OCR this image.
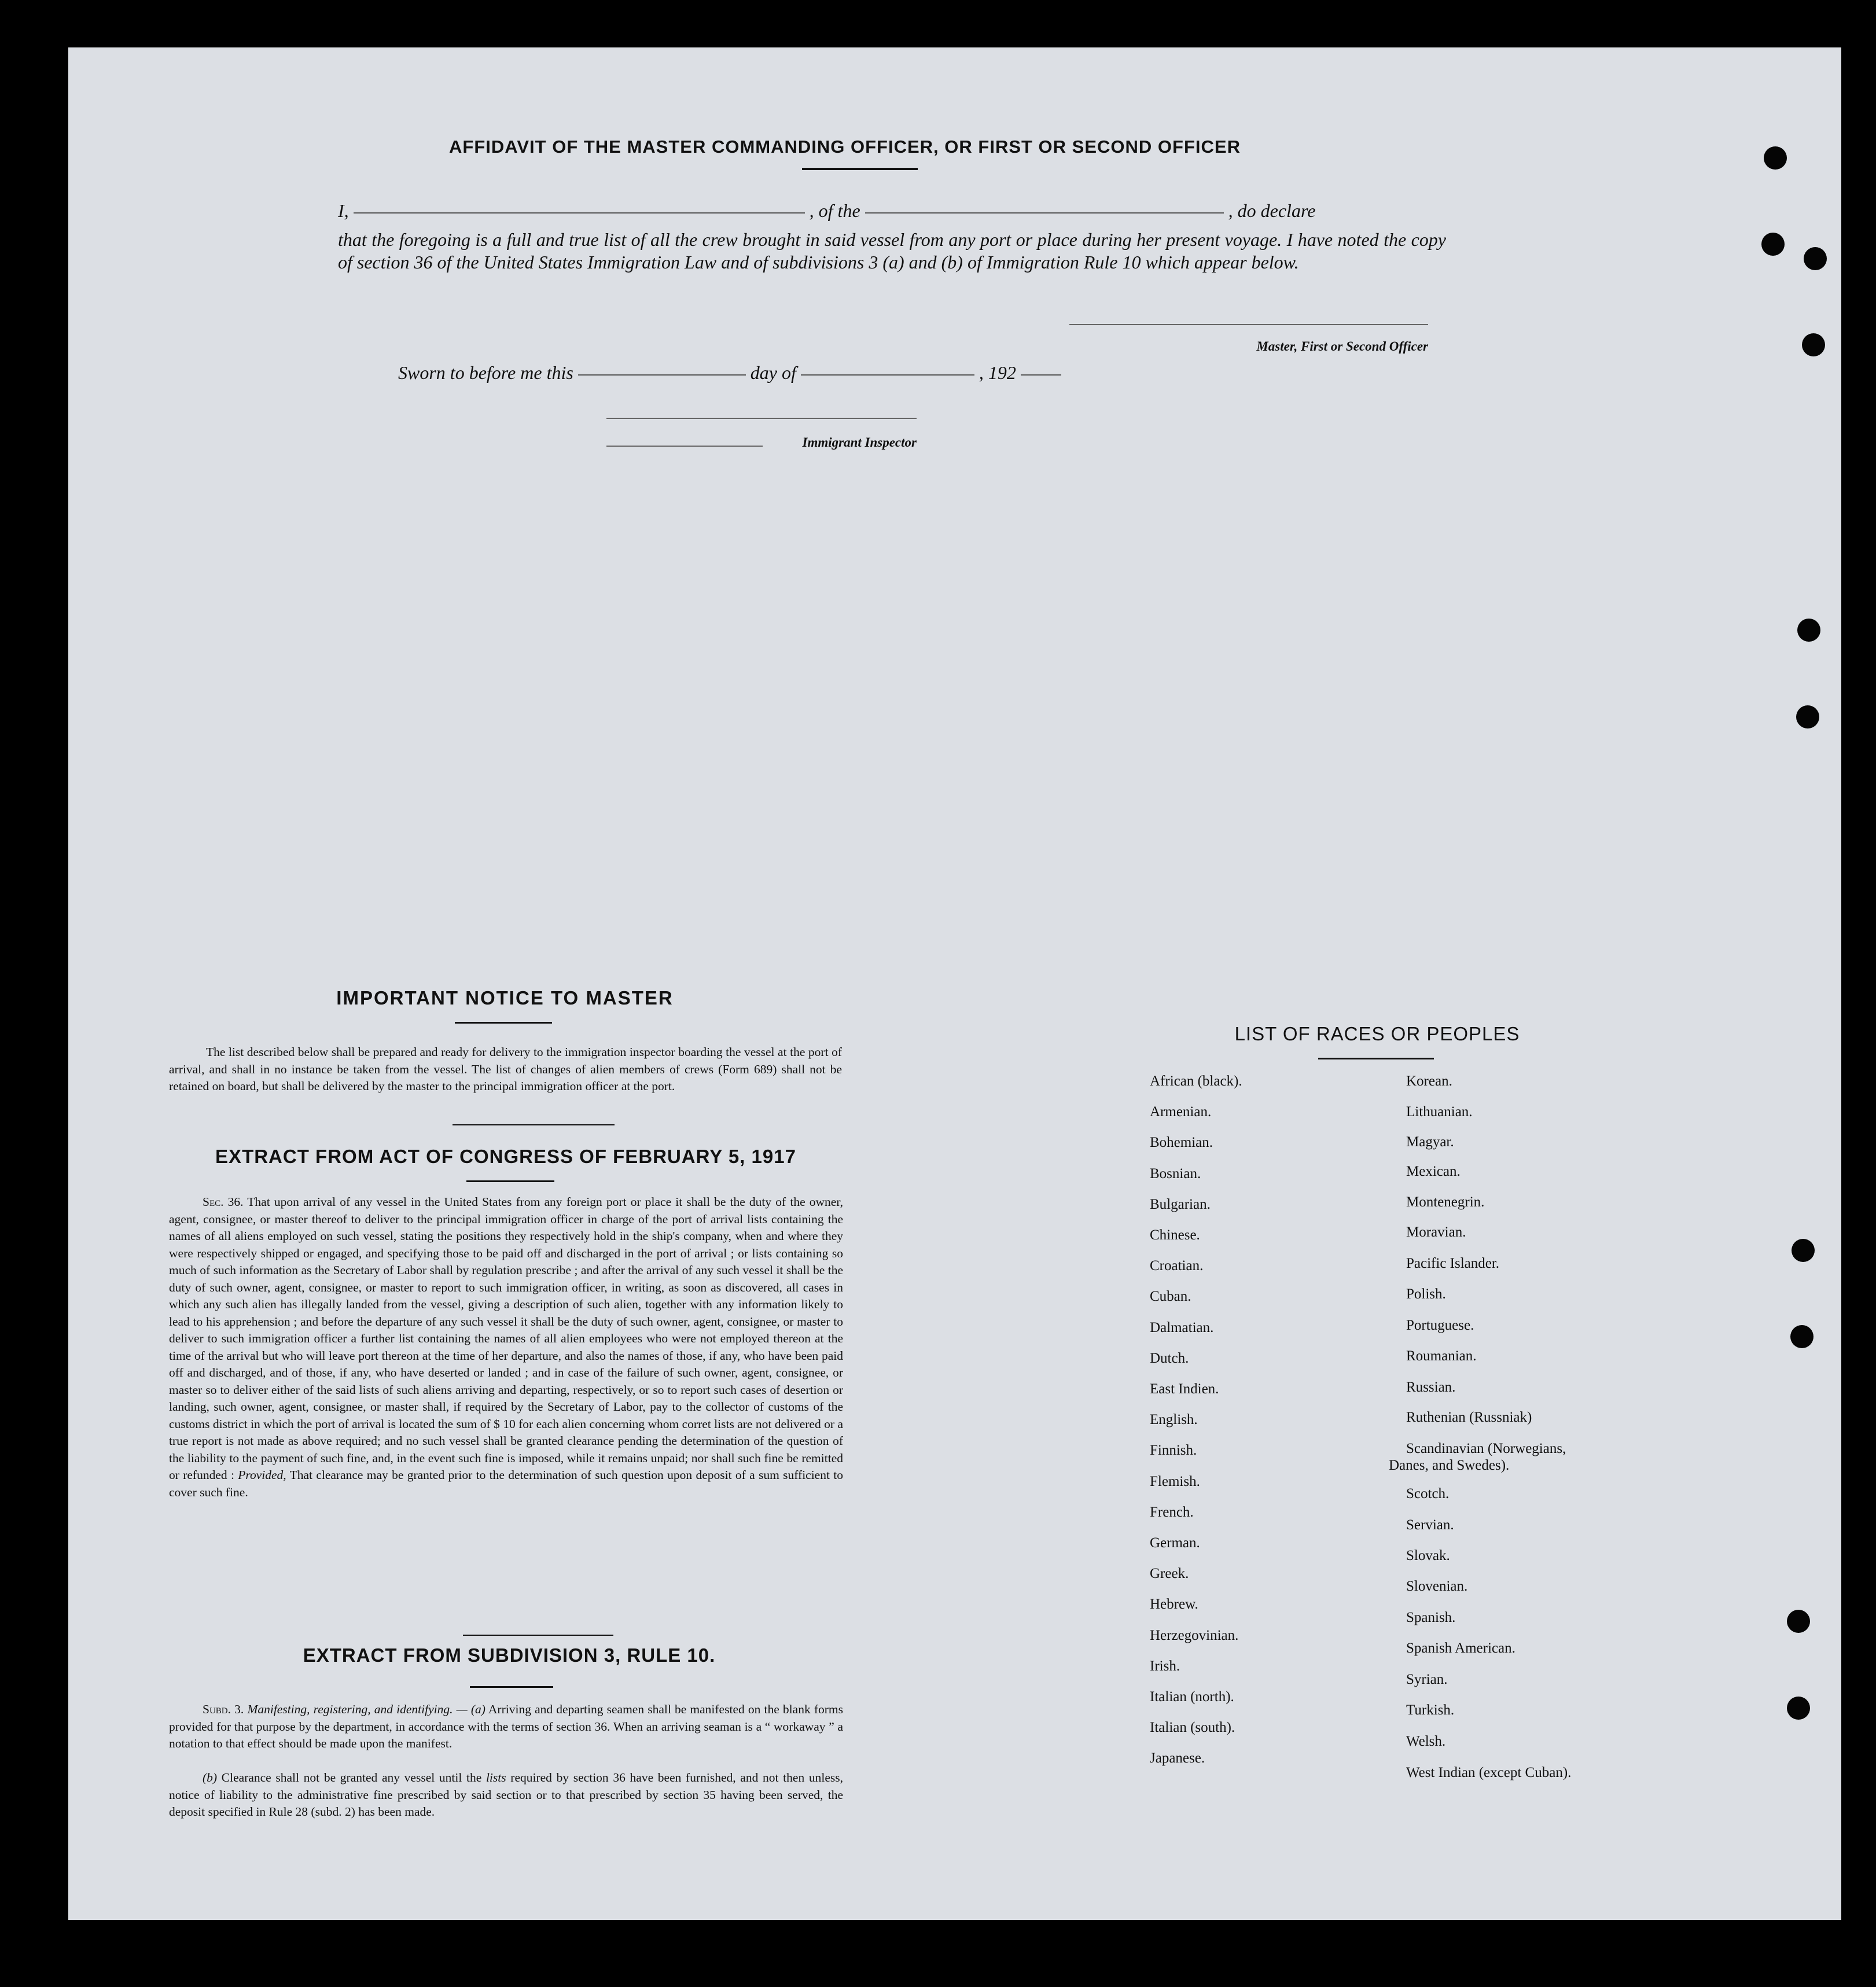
AFFIDAVIT OF THE MASTER COMMANDING OFFICER, OR FIRST OR SECOND OFFICER
I,	, of the	, do declare

that the foregoing is a full and true list of all the crew brought in said vessel from any port or place during her present voyage. I have noted the copy of section 36 of the United States Immigration Law and of subdivisions 3 (a) and (b) of Immigration Rule 10 which appear below.

Master, First or Second Officer
Sworn to before me this	day of	, 192
Immigrant Inspector
IMPORTANT NOTICE TO MASTER

The list described below shall be prepared and ready for delivery to the immigration inspector boarding the vessel at the port of arrival, and shall in no instance be taken from the vessel. The list of changes of alien members of crews (Form 689) shall not be retained on board, but shall be delivered by the master to the principal immigration officer at the port.

EXTRACT FROM ACT OF CONGRESS OF FEBRUARY 5, 1917

Sec. 36. That upon arrival of any vessel in the United States from any foreign port or place it shall be the duty of the owner, agent, consignee, or master thereof to deliver to the principal immigration officer in charge of the port of arrival lists containing the names of all aliens employed on such vessel, stating the positions they respectively hold in the ship's company, when and where they were respectively shipped or engaged, and specifying those to be paid off and discharged in the port of arrival ; or lists containing so much of such information as the Secretary of Labor shall by regulation prescribe ; and after the arrival of any such vessel it shall be the duty of such owner, agent, consignee, or master to report to such immigration officer, in writing, as soon as discovered, all cases in which any such alien has illegally landed from the vessel, giving a description of such alien, together with any information likely to lead to his apprehension ; and before the departure of any such vessel it shall be the duty of such owner, agent, consignee, or master to deliver to such immigration officer a further list containing the names of all alien employees who were not employed thereon at the time of the arrival but who will leave port thereon at the time of her departure, and also the names of those, if any, who have been paid off and discharged, and of those, if any, who have deserted or landed ; and in case of the failure of such owner, agent, consignee, or master so to deliver either of the said lists of such aliens arriving and departing, respectively, or so to report such cases of desertion or landing, such owner, agent, consignee, or master shall, if required by the Secretary of Labor, pay to the collector of customs of the customs district in which the port of arrival is located the sum of $ 10 for each alien concerning whom corret lists are not delivered or a true report is not made as above required; and no such vessel shall be granted clearance pending the determination of the question of the liability to the payment of such fine, and, in the event such fine is imposed, while it remains unpaid; nor shall such fine be remitted or refunded : Provided, That clearance may be granted prior to the determination of such question upon deposit of a sum sufficient to cover such fine.

EXTRACT FROM SUBDIVISION 3, RULE 10.

Subd. 3. Manifesting, registering, and identifying. — (a) Arriving and departing seamen shall be manifested on the blank forms provided for that purpose by the department, in accordance with the terms of section 36. When an arriving seaman is a “ workaway ” a notation to that effect should be made upon the manifest.

(b) Clearance shall not be granted any vessel until the lists required by section 36 have been furnished, and not then unless, notice of liability to the administrative fine prescribed by said section or to that prescribed by section 35 having been served, the deposit specified in Rule 28 (subd. 2) has been made.

LIST OF RACES OR PEOPLES
African (black).
Armenian.
Bohemian.
Bosnian.
Bulgarian.
Chinese.
Croatian.
Cuban.
Dalmatian.
Dutch.
East Indien.
English.
Finnish.
Flemish.
French.
German.
Greek.
Hebrew.
Herzegovinian.
Irish.
Italian (north).
Italian (south).
Japanese.
Korean.
Lithuanian.
Magyar.
Mexican.
Montenegrin.
Moravian.
Pacific Islander.
Polish.
Portuguese.
Roumanian.
Russian.
Ruthenian (Russniak)
Scandinavian (Norwegians,
Danes, and Swedes).
Scotch.
Servian.
Slovak.
Slovenian.
Spanish.
Spanish American.
Syrian.
Turkish.
Welsh.
West Indian (except Cuban).
